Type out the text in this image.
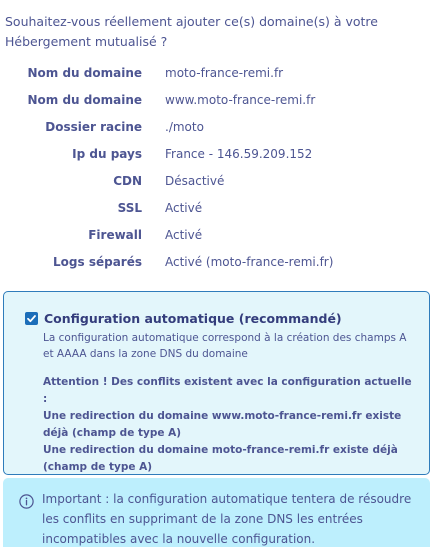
Souhaitez-vous réellement ajouter ce(s) domaine(s) à votre Hébergement mutualisé ?
Nom du domaine	moto-france-remi.fr
Nom du domaine	www.moto-france-remi.fr
Dossier racine	./moto
Ip du pays	France - 146.59.209.152
CDN	Désactivé
SSL	Activé
Firewall	Activé
Logs séparés	Activé (moto-france-remi.fr)
Configuration automatique (recommandé)
La configuration automatique correspond à la création des champs A et AAAA dans la zone DNS du domaine

Attention ! Des conflits existent avec la configuration actuelle :

Une redirection du domaine www.moto-france-remi.fr existe déjà (champ de type A)

Une redirection du domaine moto-france-remi.fr existe déjà (champ de type A)

Important : la configuration automatique tentera de résoudre les conflits en supprimant de la zone DNS les entrées incompatibles avec la nouvelle configuration.
